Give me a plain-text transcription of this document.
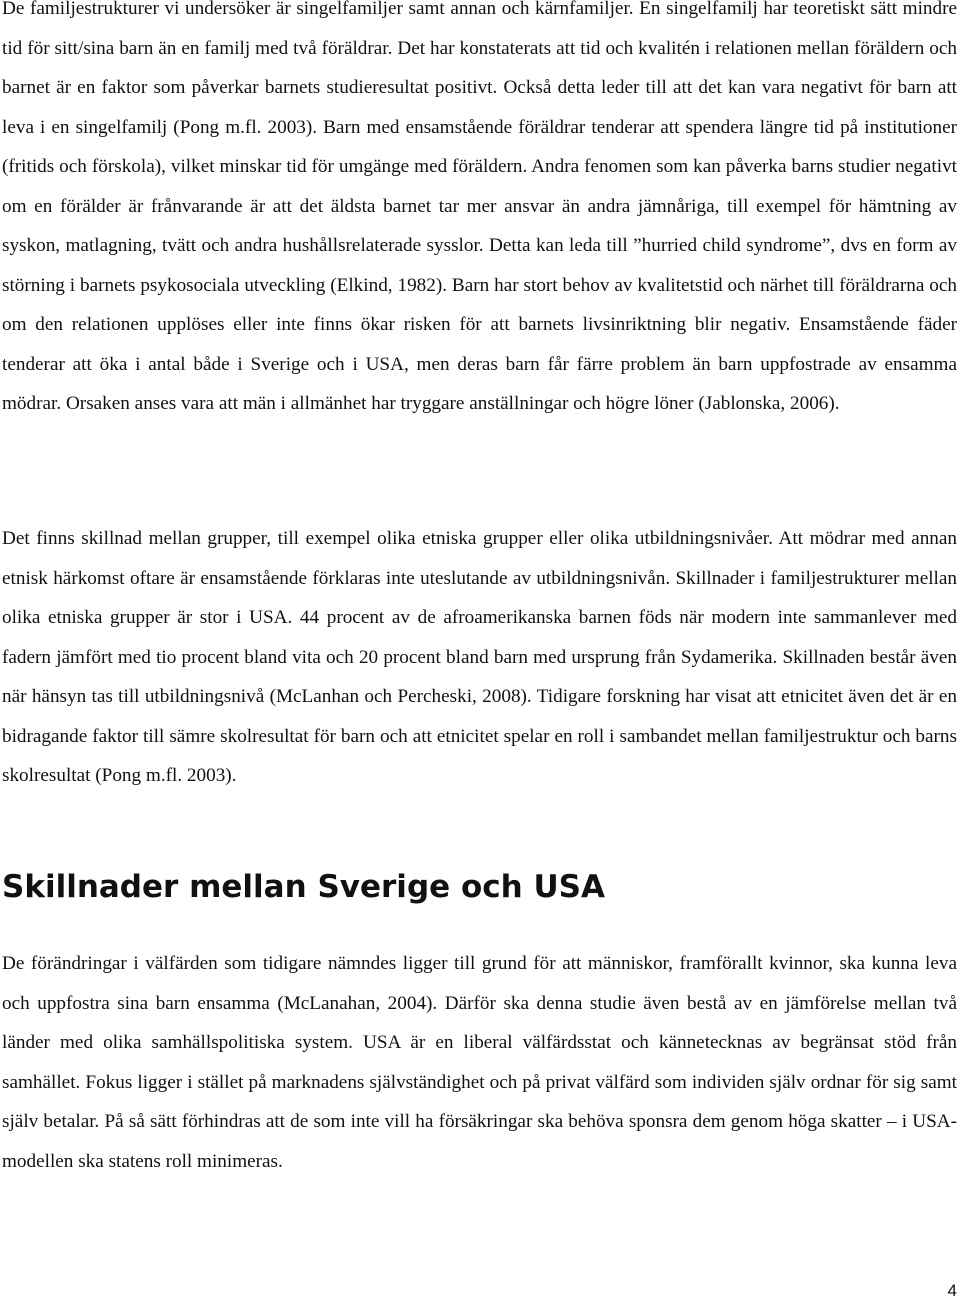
De familjestrukturer vi undersöker är singelfamiljer samt annan och kärnfamiljer. En singelfamilj har teoretiskt sätt mindre tid för sitt/sina barn än en familj med två föräldrar. Det har konstaterats att tid och kvalitén i relationen mellan föräldern och barnet är en faktor som påverkar barnets studieresultat positivt. Också detta leder till att det kan vara negativt för barn att leva i en singelfamilj (Pong m.fl. 2003). Barn med ensamstående föräldrar tenderar att spendera längre tid på institutioner (fritids och förskola), vilket minskar tid för umgänge med föräldern. Andra fenomen som kan påverka barns studier negativt om en förälder är frånvarande är att det äldsta barnet tar mer ansvar än andra jämnåriga, till exempel för hämtning av syskon, matlagning, tvätt och andra hushållsrelaterade sysslor. Detta kan leda till ”hurried child syndrome”, dvs en form av störning i barnets psykosociala utveckling (Elkind, 1982). Barn har stort behov av kvalitetstid och närhet till föräldrarna och om den relationen upplöses eller inte finns ökar risken för att barnets livsinriktning blir negativ. Ensamstående fäder tenderar att öka i antal både i Sverige och i USA, men deras barn får färre problem än barn uppfostrade av ensamma mödrar. Orsaken anses vara att män i allmänhet har tryggare anställningar och högre löner (Jablonska, 2006).

Det finns skillnad mellan grupper, till exempel olika etniska grupper eller olika utbildningsnivåer. Att mödrar med annan etnisk härkomst oftare är ensamstående förklaras inte uteslutande av utbildningsnivån. Skillnader i familjestrukturer mellan olika etniska grupper är stor i USA. 44 procent av de afroamerikanska barnen föds när modern inte sammanlever med fadern jämfört med tio procent bland vita och 20 procent bland barn med ursprung från Sydamerika. Skillnaden består även när hänsyn tas till utbildningsnivå (McLanhan och Percheski, 2008). Tidigare forskning har visat att etnicitet även det är en bidragande faktor till sämre skolresultat för barn och att etnicitet spelar en roll i sambandet mellan familjestruktur och barns skolresultat (Pong m.fl. 2003).

Skillnader mellan Sverige och USA

De förändringar i välfärden som tidigare nämndes ligger till grund för att människor, framförallt kvinnor, ska kunna leva och uppfostra sina barn ensamma (McLanahan, 2004). Därför ska denna studie även bestå av en jämförelse mellan två länder med olika samhällspolitiska system. USA är en liberal välfärdsstat och kännetecknas av begränsat stöd från samhället. Fokus ligger i stället på marknadens självständighet och på privat välfärd som individen själv ordnar för sig samt själv betalar. På så sätt förhindras att de som inte vill ha försäkringar ska behöva sponsra dem genom höga skatter – i USA-modellen ska statens roll minimeras.

4
